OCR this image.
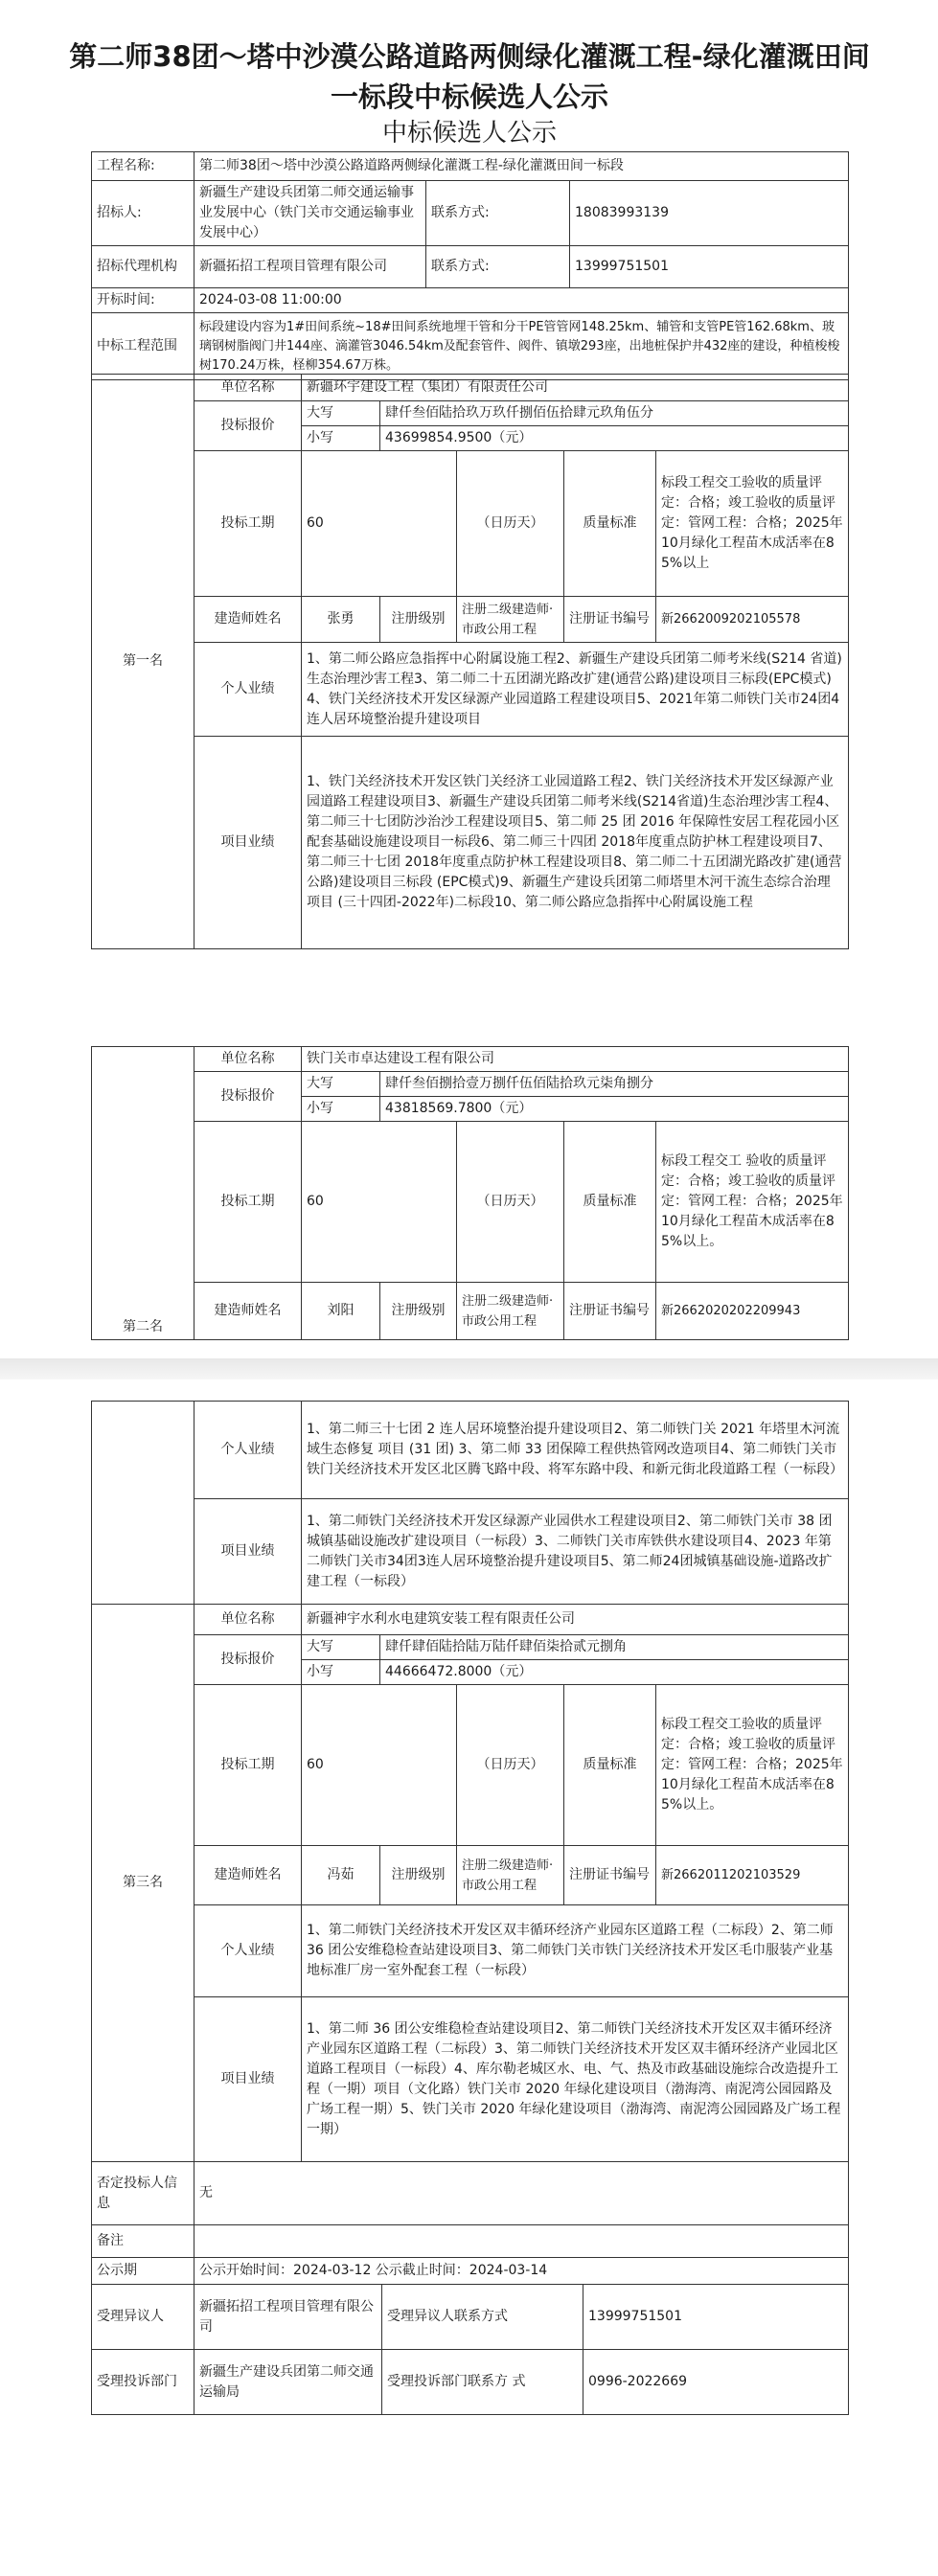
第二师38团～塔中沙漠公路道路两侧绿化灌溉工程-绿化灌溉田间
一标段中标候选人公示
中标候选人公示
工程名称:	第二师38团～塔中沙漠公路道路两侧绿化灌溉工程-绿化灌溉田间一标段		
招标人:	新疆生产建设兵团第二师交通运输事业发展中心（铁门关市交通运输事业发展中心）	联系方式:	18083993139
招标代理机构	新疆拓招工程项目管理有限公司	联系方式:	13999751501
开标时间:	2024-03-08 11:00:00		
中标工程范围	标段建设内容为1#田间系统~18#田间系统地埋干管和分干PE管管网148.25km、辅管和支管PE管162.68km、玻璃钢树脂阀门井144座、滴灌管3046.54km及配套管件、阀件、镇墩293座，出地桩保护井432座的建设，种植梭梭树170.24万株，柽柳354.67万株。		
第一名	单位名称	新疆环宇建设工程（集团）有限责任公司				
	投标报价	大写	肆仟叁佰陆拾玖万玖仟捌佰伍拾肆元玖角伍分			
		小写	43699854.9500（元）			
	投标工期	60		（日历天）	质量标准	标段工程交工验收的质量评定：合格；竣工验收的质量评定：管网工程：合格；2025年10月绿化工程苗木成活率在85%以上
	建造师姓名	张勇	注册级别	注册二级建造师·市政公用工程	注册证书编号	新2662009202105578
	个人业绩	1、第二师公路应急指挥中心附属设施工程2、新疆生产建设兵团第二师考米线(S214 省道)生态治理沙害工程3、第二师二十五团湖光路改扩建(通营公路)建设项目三标段(EPC模式)4、铁门关经济技术开发区绿源产业园道路工程建设项目5、2021年第二师铁门关市24团4连人居环境整治提升建设项目				
	项目业绩	1、铁门关经济技术开发区铁门关经济工业园道路工程2、铁门关经济技术开发区绿源产业园道路工程建设项目3、新疆生产建设兵团第二师考米线(S214省道)生态治理沙害工程4、第二师三十七团防沙治沙工程建设项目5、第二师 25 团 2016 年保障性安居工程花园小区配套基础设施建设项目一标段6、第二师三十四团 2018年度重点防护林工程建设项目7、第二师三十七团 2018年度重点防护林工程建设项目8、第二师二十五团湖光路改扩建(通营公路)建设项目三标段 (EPC模式)9、新疆生产建设兵团第二师塔里木河干流生态综合治理项目 (三十四团-2022年)二标段10、第二师公路应急指挥中心附属设施工程				
第二名	单位名称	铁门关市卓达建设工程有限公司				
	投标报价	大写	肆仟叁佰捌拾壹万捌仟伍佰陆拾玖元柒角捌分			
		小写	43818569.7800（元）			
	投标工期	60		（日历天）	质量标准	标段工程交工 验收的质量评 定：合格；竣工验收的质量评定：管网工程：合格；2025年10月绿化工程苗木成活率在85%以上。
	建造师姓名	刘阳	注册级别	注册二级建造师·市政公用工程	注册证书编号	新2662020202209943
	个人业绩	1、第二师三十七团 2 连人居环境整治提升建设项目2、第二师铁门关 2021 年塔里木河流域生态修复 项目 (31 团) 3、第二师 33 团保障工程供热管网改造项目4、第二师铁门关市铁门关经济技术开发区北区腾飞路中段、将军东路中段、和新元街北段道路工程（一标段）
	项目业绩	1、第二师铁门关经济技术开发区绿源产业园供水工程建设项目2、第二师铁门关市 38 团城镇基础设施改扩建设项目（一标段）3、二师铁门关市库铁供水建设项目4、2023 年第二师铁门关市34团3连人居环境整治提升建设项目5、第二师24团城镇基础设施-道路改扩建工程（一标段）
第三名	单位名称	新疆神宇水利水电建筑安装工程有限责任公司				
	投标报价	大写	肆仟肆佰陆拾陆万陆仟肆佰柒拾贰元捌角			
		小写	44666472.8000（元）			
	投标工期	60		（日历天）	质量标准	标段工程交工验收的质量评定：合格；竣工验收的质量评定：管网工程：合格；2025年10月绿化工程苗木成活率在85%以上。
	建造师姓名	冯茹	注册级别	注册二级建造师·市政公用工程	注册证书编号	新2662011202103529
	个人业绩	1、第二师铁门关经济技术开发区双丰循环经济产业园东区道路工程（二标段）2、第二师 36 团公安维稳检查站建设项目3、第二师铁门关市铁门关经济技术开发区毛巾服装产业基地标准厂房一室外配套工程（一标段）				
	项目业绩	1、第二师 36 团公安维稳检查站建设项目2、第二师铁门关经济技术开发区双丰循环经济产业园东区道路工程（二标段）3、第二师铁门关经济技术开发区双丰循环经济产业园北区道路工程项目（一标段）4、库尔勒老城区水、电、气、热及市政基础设施综合改造提升工程（一期）项目（文化路）铁门关市 2020 年绿化建设项目（渤海湾、南泥湾公园园路及广场工程一期）5、铁门关市 2020 年绿化建设项目（渤海湾、南泥湾公园园路及广场工程一期）				
否定投标人信息	无		
备注			
公示期	公示开始时间：2024-03-12 公示截止时间：2024-03-14		
受理异议人	新疆拓招工程项目管理有限公司	受理异议人联系方式	13999751501
受理投诉部门	新疆生产建设兵团第二师交通运输局	受理投诉部门联系方 式	0996-2022669
